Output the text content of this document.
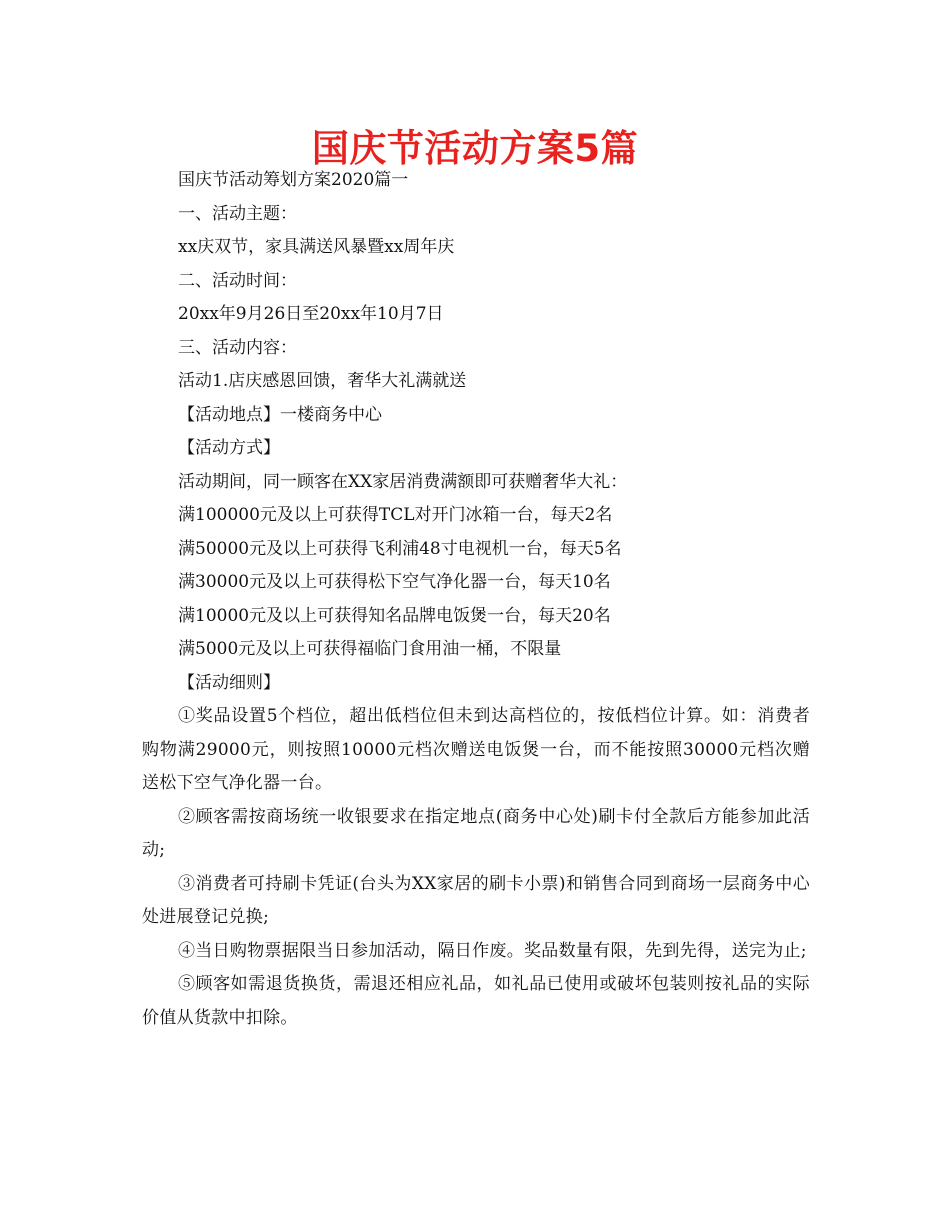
国庆节活动方案5篇

国庆节活动筹划方案2020篇一

一、活动主题：

xx庆双节，家具满送风暴暨xx周年庆

二、活动时间：

20xx年9月26日至20xx年10月7日

三、活动内容：

活动1.店庆感恩回馈，奢华大礼满就送

【活动地点】一楼商务中心

【活动方式】

活动期间，同一顾客在XX家居消费满额即可获赠奢华大礼：

满100000元及以上可获得TCL对开门冰箱一台，每天2名

满50000元及以上可获得飞利浦48寸电视机一台，每天5名

满30000元及以上可获得松下空气净化器一台，每天10名

满10000元及以上可获得知名品牌电饭煲一台，每天20名

满5000元及以上可获得福临门食用油一桶，不限量

【活动细则】

①奖品设置5个档位，超出低档位但未到达高档位的，按低档位计算。如：消费者购物满29000元，则按照10000元档次赠送电饭煲一台，而不能按照30000元档次赠送松下空气净化器一台。

②顾客需按商场统一收银要求在指定地点(商务中心处)刷卡付全款后方能参加此活动;

③消费者可持刷卡凭证(台头为XX家居的刷卡小票)和销售合同到商场一层商务中心处进展登记兑换;

④当日购物票据限当日参加活动，隔日作废。奖品数量有限，先到先得，送完为止;

⑤顾客如需退货换货，需退还相应礼品，如礼品已使用或破坏包装则按礼品的实际价值从货款中扣除。
